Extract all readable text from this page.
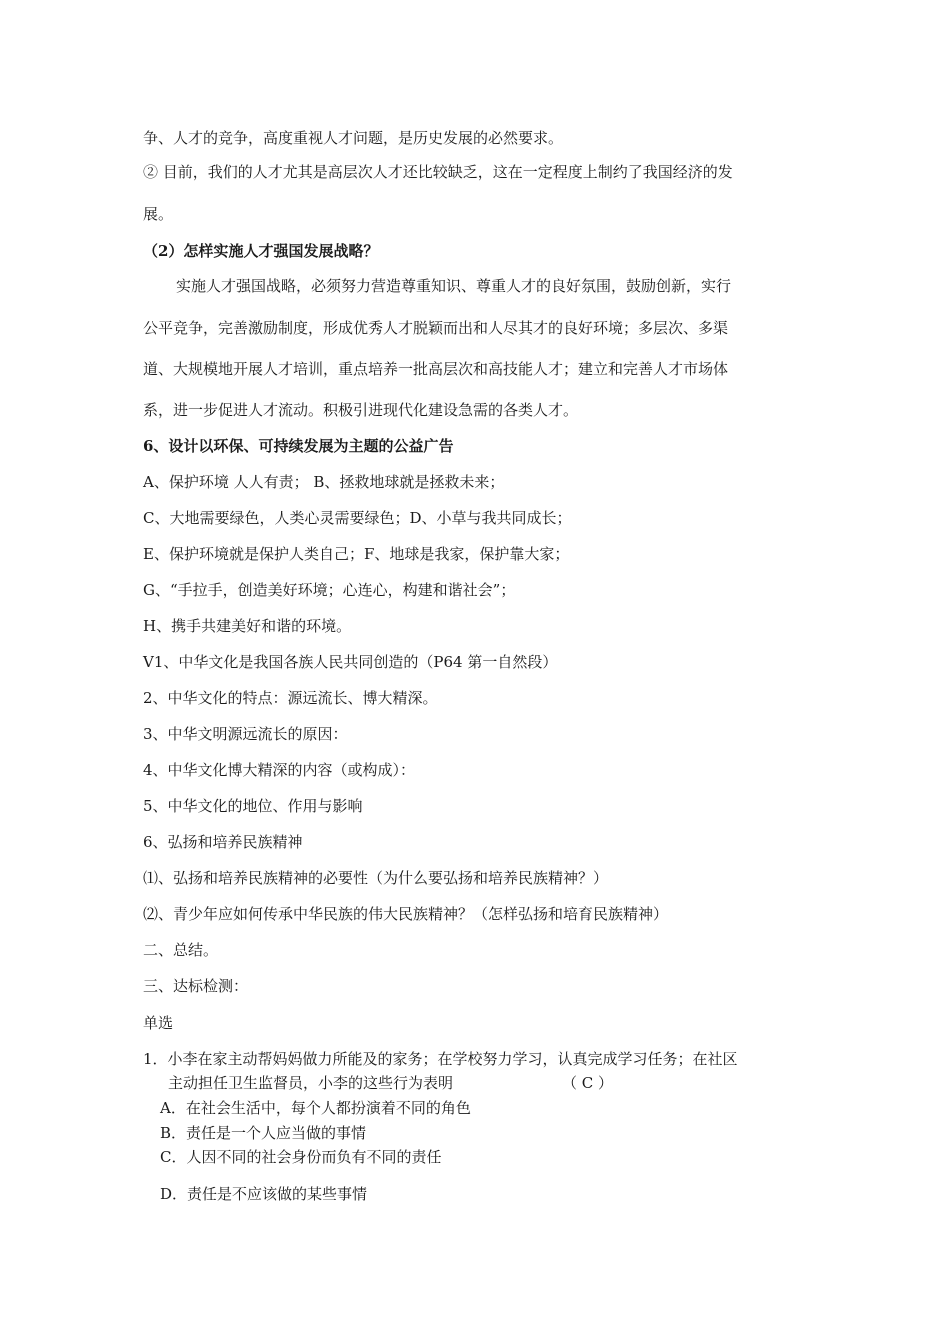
争、人才的竞争，高度重视人才问题，是历史发展的必然要求。
② 目前，我们的人才尤其是高层次人才还比较缺乏，这在一定程度上制约了我国经济的发
展。
（2）怎样实施人才强国发展战略？
实施人才强国战略，必须努力营造尊重知识、尊重人才的良好氛围，鼓励创新，实行
公平竞争，完善激励制度，形成优秀人才脱颖而出和人尽其才的良好环境；多层次、多渠
道、大规模地开展人才培训，重点培养一批高层次和高技能人才；建立和完善人才市场体
系，进一步促进人才流动。积极引进现代化建设急需的各类人才。
6、设计以环保、可持续发展为主题的公益广告
A、保护环境 人人有责； B、拯救地球就是拯救未来；
C、大地需要绿色，人类心灵需要绿色；D、小草与我共同成长；
E、保护环境就是保护人类自己；F、地球是我家，保护靠大家；
G、“手拉手，创造美好环境；心连心，构建和谐社会”；
H、携手共建美好和谐的环境。
Ⅴ1、中华文化是我国各族人民共同创造的（P64 第一自然段）
2、中华文化的特点：源远流长、博大精深。
3、中华文明源远流长的原因：
4、中华文化博大精深的内容（或构成）：
5、中华文化的地位、作用与影响
6、弘扬和培养民族精神
⑴、弘扬和培养民族精神的必要性（为什么要弘扬和培养民族精神？）
⑵、青少年应如何传承中华民族的伟大民族精神？（怎样弘扬和培育民族精神）
二、总结。
三、达标检测：
单选
1．小李在家主动帮妈妈做力所能及的家务；在学校努力学习，认真完成学习任务；在社区
主动担任卫生监督员，小李的这些行为表明	（ C ）
A．在社会生活中，每个人都扮演着不同的角色
B．责任是一个人应当做的事情
C．人因不同的社会身份而负有不同的责任
D．责任是不应该做的某些事情
